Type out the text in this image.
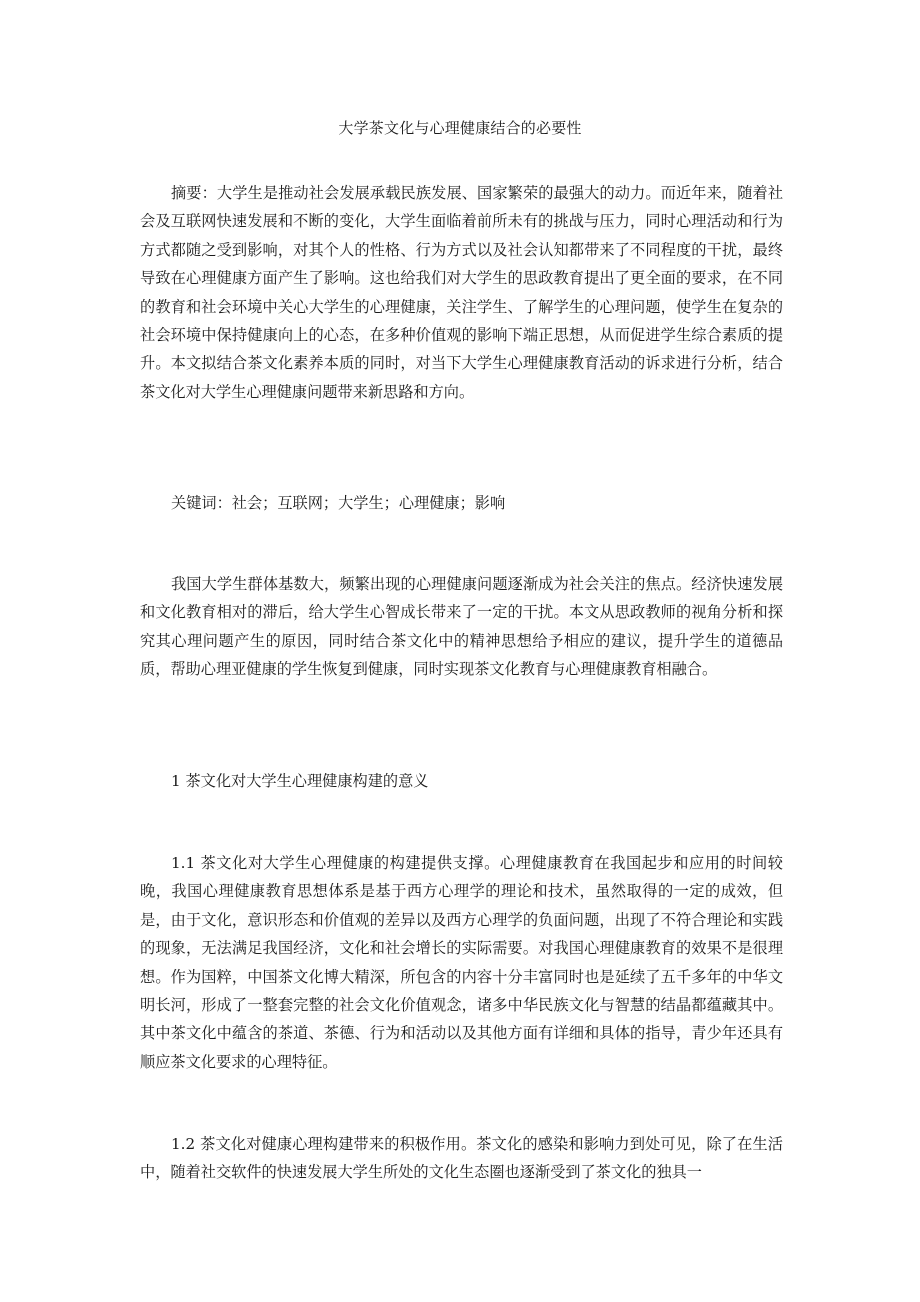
大学茶文化与心理健康结合的必要性

摘要：大学生是推动社会发展承载民族发展、国家繁荣的最强大的动力。而近年来，随着社会及互联网快速发展和不断的变化，大学生面临着前所未有的挑战与压力，同时心理活动和行为方式都随之受到影响，对其个人的性格、行为方式以及社会认知都带来了不同程度的干扰，最终导致在心理健康方面产生了影响。这也给我们对大学生的思政教育提出了更全面的要求，在不同的教育和社会环境中关心大学生的心理健康，关注学生、了解学生的心理问题，使学生在复杂的社会环境中保持健康向上的心态，在多种价值观的影响下端正思想，从而促进学生综合素质的提升。本文拟结合茶文化素养本质的同时，对当下大学生心理健康教育活动的诉求进行分析，结合茶文化对大学生心理健康问题带来新思路和方向。

关键词：社会；互联网；大学生；心理健康；影响

我国大学生群体基数大，频繁出现的心理健康问题逐渐成为社会关注的焦点。经济快速发展和文化教育相对的滞后，给大学生心智成长带来了一定的干扰。本文从思政教师的视角分析和探究其心理问题产生的原因，同时结合茶文化中的精神思想给予相应的建议，提升学生的道德品质，帮助心理亚健康的学生恢复到健康，同时实现茶文化教育与心理健康教育相融合。

1 茶文化对大学生心理健康构建的意义

1.1 茶文化对大学生心理健康的构建提供支撑。心理健康教育在我国起步和应用的时间较晚，我国心理健康教育思想体系是基于西方心理学的理论和技术，虽然取得的一定的成效，但是，由于文化，意识形态和价值观的差异以及西方心理学的负面问题，出现了不符合理论和实践的现象，无法满足我国经济，文化和社会增长的实际需要。对我国心理健康教育的效果不是很理想。作为国粹，中国茶文化博大精深，所包含的内容十分丰富同时也是延续了五千多年的中华文明长河，形成了一整套完整的社会文化价值观念，诸多中华民族文化与智慧的结晶都蕴藏其中。其中茶文化中蕴含的茶道、茶德、行为和活动以及其他方面有详细和具体的指导，青少年还具有顺应茶文化要求的心理特征。

1.2 茶文化对健康心理构建带来的积极作用。茶文化的感染和影响力到处可见，除了在生活中，随着社交软件的快速发展大学生所处的文化生态圈也逐渐受到了茶文化的独具一
